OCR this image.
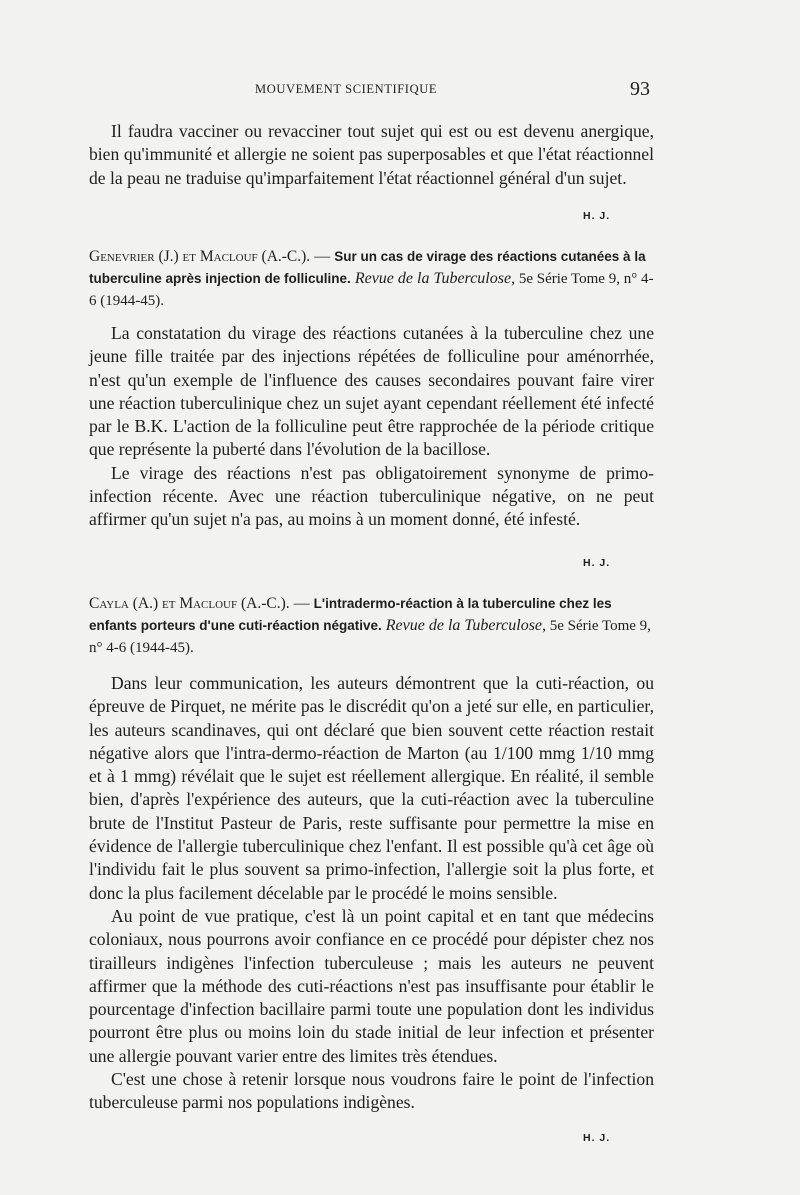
MOUVEMENT SCIENTIFIQUE	93

Il faudra vacciner ou revacciner tout sujet qui est ou est devenu anergique, bien qu'immunité et allergie ne soient pas superposables et que l'état réactionnel de la peau ne traduise qu'imparfaitement l'état réactionnel général d'un sujet.

H. J.
Genevrier (J.) et Maclouf (A.-C.). — Sur un cas de virage des réactions cutanées à la tuberculine après injection de folliculine. Revue de la Tuberculose, 5e Série Tome 9, n° 4-6 (1944-45).

La constatation du virage des réactions cutanées à la tuberculine chez une jeune fille traitée par des injections répétées de folliculine pour aménorrhée, n'est qu'un exemple de l'influence des causes secondaires pouvant faire virer une réaction tuberculinique chez un sujet ayant cependant réellement été infecté par le B.K. L'action de la folliculine peut être rapprochée de la période critique que représente la puberté dans l'évolution de la bacillose.

Le virage des réactions n'est pas obligatoirement synonyme de primo-infection récente. Avec une réaction tuberculinique négative, on ne peut affirmer qu'un sujet n'a pas, au moins à un moment donné, été infesté.

H. J.
Cayla (A.) et Maclouf (A.-C.). — L'intradermo-réaction à la tuberculine chez les enfants porteurs d'une cuti-réaction négative. Revue de la Tuberculose, 5e Série Tome 9, n° 4-6 (1944-45).

Dans leur communication, les auteurs démontrent que la cuti-réaction, ou épreuve de Pirquet, ne mérite pas le discrédit qu'on a jeté sur elle, en particulier, les auteurs scandinaves, qui ont déclaré que bien souvent cette réaction restait négative alors que l'intra-dermo-réaction de Marton (au 1/100 mmg 1/10 mmg et à 1 mmg) révélait que le sujet est réellement allergique. En réalité, il semble bien, d'après l'expérience des auteurs, que la cuti-réaction avec la tuberculine brute de l'Institut Pasteur de Paris, reste suffisante pour permettre la mise en évidence de l'allergie tuberculinique chez l'enfant. Il est possible qu'à cet âge où l'individu fait le plus souvent sa primo-infection, l'allergie soit la plus forte, et donc la plus facilement décelable par le procédé le moins sensible.

Au point de vue pratique, c'est là un point capital et en tant que médecins coloniaux, nous pourrons avoir confiance en ce procédé pour dépister chez nos tirailleurs indigènes l'infection tuberculeuse ; mais les auteurs ne peuvent affirmer que la méthode des cuti-réactions n'est pas insuffisante pour établir le pourcentage d'infection bacillaire parmi toute une population dont les individus pourront être plus ou moins loin du stade initial de leur infection et présenter une allergie pouvant varier entre des limites très étendues.

C'est une chose à retenir lorsque nous voudrons faire le point de l'infection tuberculeuse parmi nos populations indigènes.

H. J.
